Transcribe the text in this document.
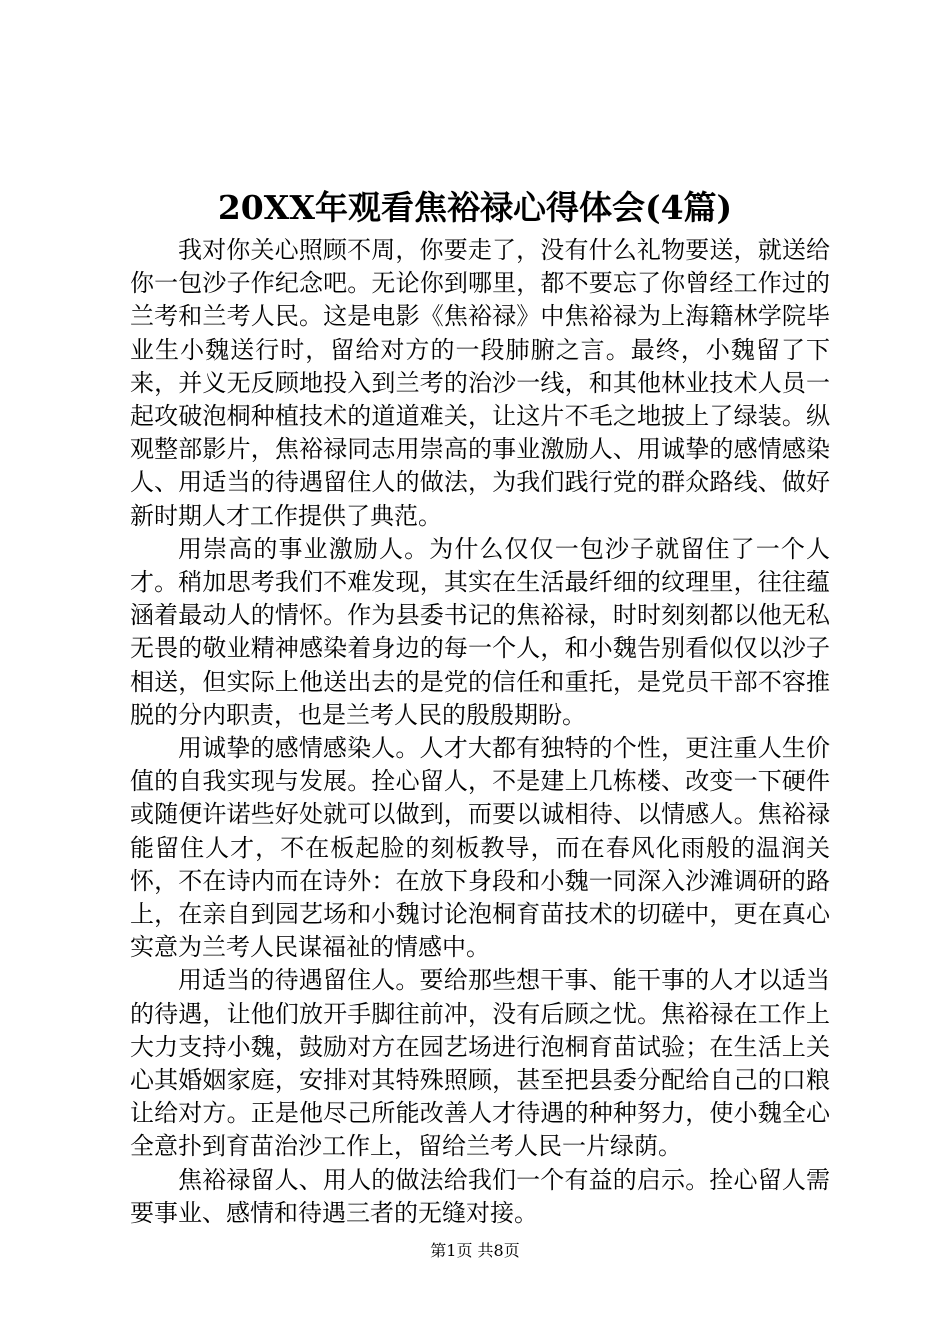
20XX年观看焦裕禄心得体会(4篇)

我对你关心照顾不周，你要走了，没有什么礼物要送，就送给你一包沙子作纪念吧。无论你到哪里，都不要忘了你曾经工作过的兰考和兰考人民。这是电影《焦裕禄》中焦裕禄为上海籍林学院毕业生小魏送行时，留给对方的一段肺腑之言。最终，小魏留了下来，并义无反顾地投入到兰考的治沙一线，和其他林业技术人员一起攻破泡桐种植技术的道道难关，让这片不毛之地披上了绿装。纵观整部影片，焦裕禄同志用崇高的事业激励人、用诚挚的感情感染人、用适当的待遇留住人的做法，为我们践行党的群众路线、做好新时期人才工作提供了典范。

用崇高的事业激励人。为什么仅仅一包沙子就留住了一个人才。稍加思考我们不难发现，其实在生活最纤细的纹理里，往往蕴涵着最动人的情怀。作为县委书记的焦裕禄，时时刻刻都以他无私无畏的敬业精神感染着身边的每一个人，和小魏告别看似仅以沙子相送，但实际上他送出去的是党的信任和重托，是党员干部不容推脱的分内职责，也是兰考人民的殷殷期盼。

用诚挚的感情感染人。人才大都有独特的个性，更注重人生价值的自我实现与发展。拴心留人，不是建上几栋楼、改变一下硬件或随便许诺些好处就可以做到，而要以诚相待、以情感人。焦裕禄能留住人才，不在板起脸的刻板教导，而在春风化雨般的温润关怀，不在诗内而在诗外：在放下身段和小魏一同深入沙滩调研的路上，在亲自到园艺场和小魏讨论泡桐育苗技术的切磋中，更在真心实意为兰考人民谋福祉的情感中。

用适当的待遇留住人。要给那些想干事、能干事的人才以适当的待遇，让他们放开手脚往前冲，没有后顾之忧。焦裕禄在工作上大力支持小魏，鼓励对方在园艺场进行泡桐育苗试验；在生活上关心其婚姻家庭，安排对其特殊照顾，甚至把县委分配给自己的口粮让给对方。正是他尽己所能改善人才待遇的种种努力，使小魏全心全意扑到育苗治沙工作上，留给兰考人民一片绿荫。

焦裕禄留人、用人的做法给我们一个有益的启示。拴心留人需要事业、感情和待遇三者的无缝对接。

第1页 共8页
